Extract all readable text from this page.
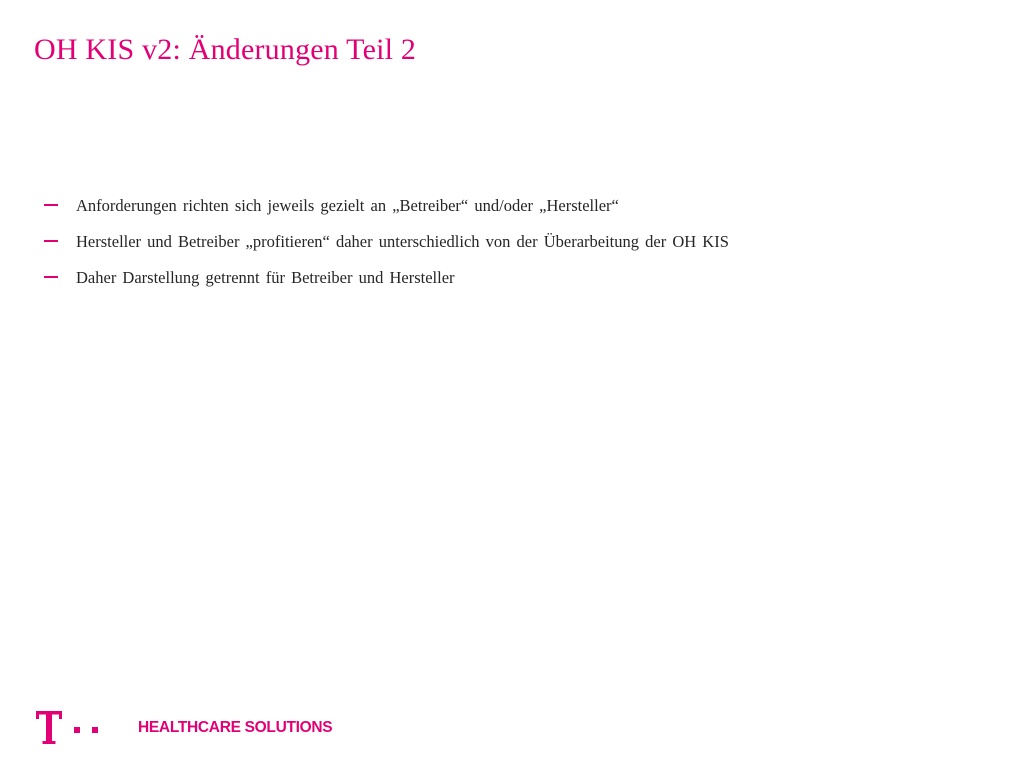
OH KIS v2: Änderungen Teil 2
Anforderungen richten sich jeweils gezielt an „Betreiber“ und/oder „Hersteller“
Hersteller und Betreiber „profitieren“ daher unterschiedlich von der Überarbeitung der OH KIS
Daher Darstellung getrennt für Betreiber und Hersteller
HEALTHCARE SOLUTIONS
